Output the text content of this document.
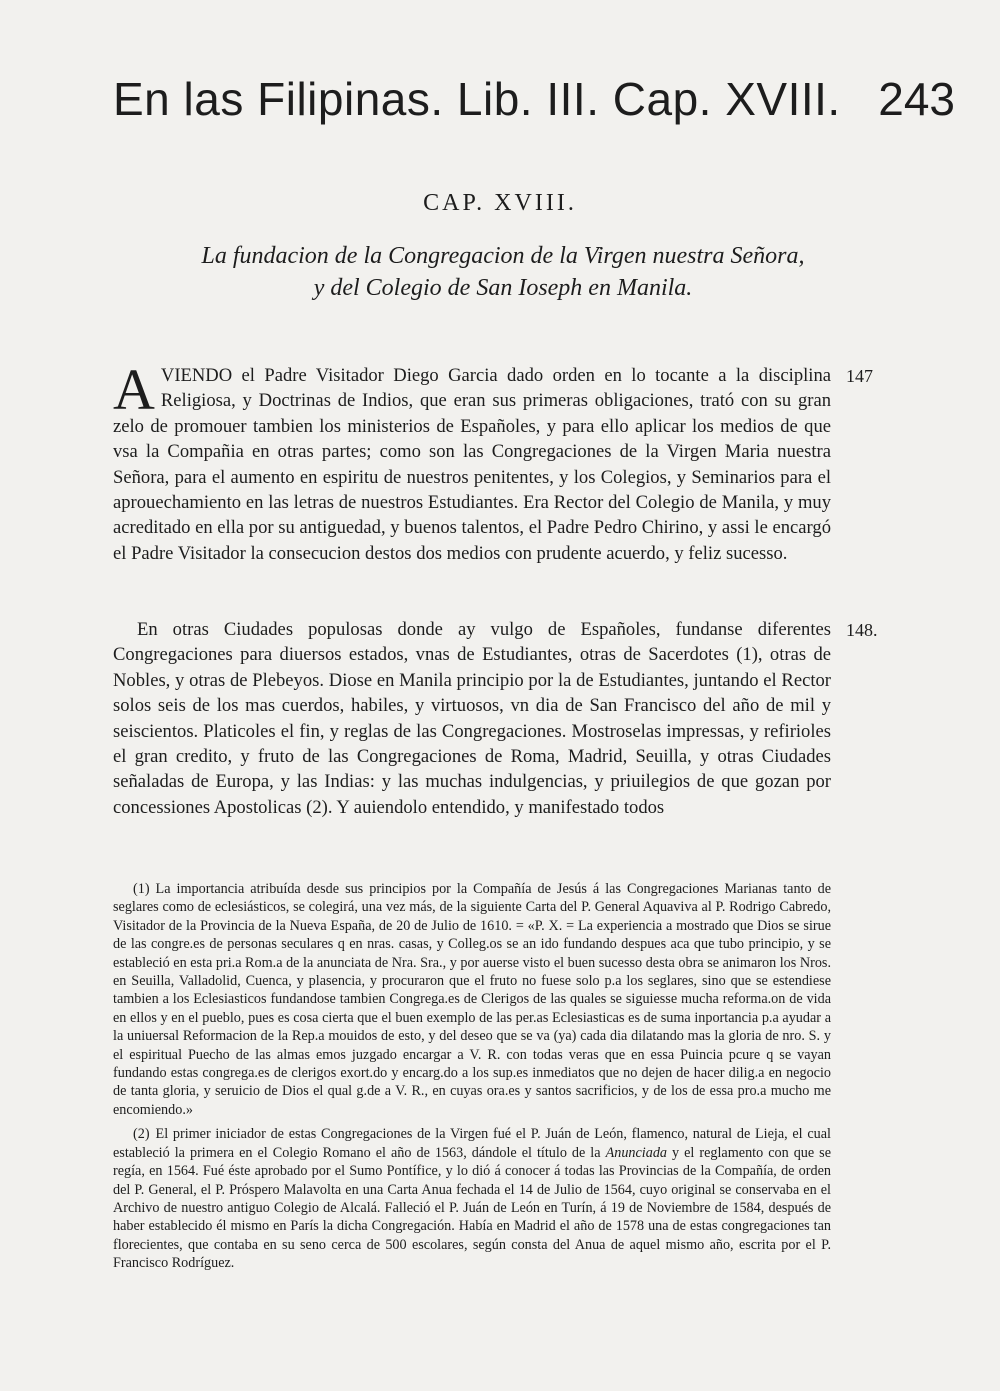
En las Filipinas. Lib. III. Cap. XVIII. 243
CAP. XVIII.
La fundacion de la Congregacion de la Virgen nuestra Señora,
y del Colegio de San Ioseph en Manila.

AVIENDO el Padre Visitador Diego Garcia dado orden en lo tocante a la disciplina Religiosa, y Doctrinas de Indios, que eran sus primeras obligaciones, trató con su gran zelo de promouer tambien los ministerios de Españoles, y para ello aplicar los medios de que vsa la Compañia en otras partes; como son las Congregaciones de la Virgen Maria nuestra Señora, para el aumento en espiritu de nuestros penitentes, y los Colegios, y Seminarios para el aprouechamiento en las letras de nuestros Estudiantes. Era Rector del Colegio de Manila, y muy acreditado en ella por su antiguedad, y buenos talentos, el Padre Pedro Chirino, y assi le encargó el Padre Visitador la consecucion destos dos medios con prudente acuerdo, y feliz sucesso.

147

En otras Ciudades populosas donde ay vulgo de Españoles, fundanse diferentes Congregaciones para diuersos estados, vnas de Estudiantes, otras de Sacerdotes (1), otras de Nobles, y otras de Plebeyos. Diose en Manila principio por la de Estudiantes, juntando el Rector solos seis de los mas cuerdos, habiles, y virtuosos, vn dia de San Francisco del año de mil y seiscientos. Platicoles el fin, y reglas de las Congregaciones. Mostroselas impressas, y refirioles el gran credito, y fruto de las Congregaciones de Roma, Madrid, Seuilla, y otras Ciudades señaladas de Europa, y las Indias: y las muchas indulgencias, y priuilegios de que gozan por concessiones Apostolicas (2). Y auiendolo entendido, y manifestado todos

148.

(1) La importancia atribuída desde sus principios por la Compañía de Jesús á las Congregaciones Marianas tanto de seglares como de eclesiásticos, se colegirá, una vez más, de la siguiente Carta del P. General Aquaviva al P. Rodrigo Cabredo, Visitador de la Provincia de la Nueva España, de 20 de Julio de 1610. = «P. X. = La experiencia a mostrado que Dios se sirue de las congre.es de personas seculares q en nras. casas, y Colleg.os se an ido fundando despues aca que tubo principio, y se estableció en esta pri.a Rom.a de la anunciata de Nra. Sra., y por auerse visto el buen sucesso desta obra se animaron los Nros. en Seuilla, Valladolid, Cuenca, y plasencia, y procuraron que el fruto no fuese solo p.a los seglares, sino que se estendiese tambien a los Eclesiasticos fundandose tambien Congrega.es de Clerigos de las quales se siguiesse mucha reforma.on de vida en ellos y en el pueblo, pues es cosa cierta que el buen exemplo de las per.as Eclesiasticas es de suma inportancia p.a ayudar a la uniuersal Reformacion de la Rep.a mouidos de esto, y del deseo que se va (ya) cada dia dilatando mas la gloria de nro. S. y el espiritual Puecho de las almas emos juzgado encargar a V. R. con todas veras que en essa Puincia pcure q se vayan fundando estas congrega.es de clerigos exort.do y encarg.do a los sup.es inmediatos que no dejen de hacer dilig.a en negocio de tanta gloria, y seruicio de Dios el qual g.de a V. R., en cuyas ora.es y santos sacrificios, y de los de essa pro.a mucho me encomiendo.»

(2) El primer iniciador de estas Congregaciones de la Virgen fué el P. Juán de León, flamenco, natural de Lieja, el cual estableció la primera en el Colegio Romano el año de 1563, dándole el título de la Anunciada y el reglamento con que se regía, en 1564. Fué éste aprobado por el Sumo Pontífice, y lo dió á conocer á todas las Provincias de la Compañía, de orden del P. General, el P. Próspero Malavolta en una Carta Anua fechada el 14 de Julio de 1564, cuyo original se conservaba en el Archivo de nuestro antiguo Colegio de Alcalá. Falleció el P. Juán de León en Turín, á 19 de Noviembre de 1584, después de haber establecido él mismo en París la dicha Congregación. Había en Madrid el año de 1578 una de estas congregaciones tan florecientes, que contaba en su seno cerca de 500 escolares, según consta del Anua de aquel mismo año, escrita por el P. Francisco Rodríguez.
